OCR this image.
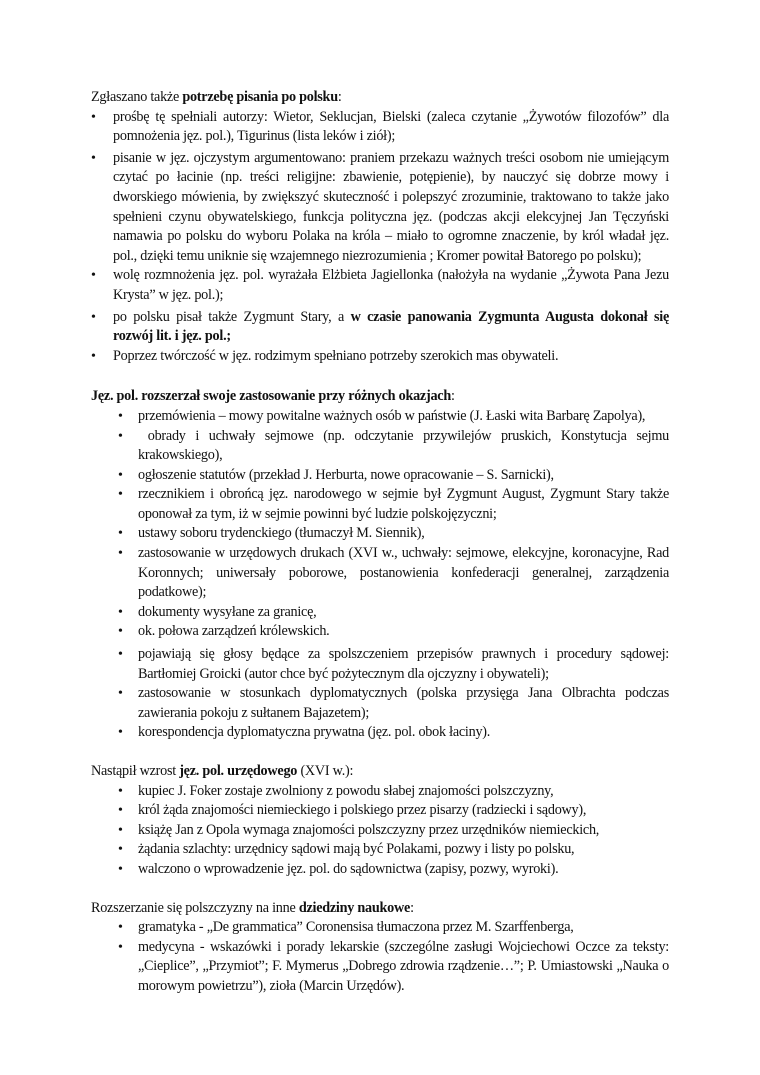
Zgłaszano także potrzebę pisania po polsku:

• prośbę tę spełniali autorzy: Wietor, Seklucjan, Bielski (zaleca czytanie „Żywotów filozofów” dla pomnożenia jęz. pol.), Tigurinus (lista leków i ziół);
• pisanie w jęz. ojczystym argumentowano: praniem przekazu ważnych treści osobom nie umiejącym czytać po łacinie (np. treści religijne: zbawienie, potępienie), by nauczyć się dobrze mowy i dworskiego mówienia, by zwiększyć skuteczność i polepszyć zrozuminie, traktowano to także jako spełnieni czynu obywatelskiego, funkcja polityczna jęz. (podczas akcji elekcyjnej Jan Tęczyński namawia po polsku do wyboru Polaka na króla – miało to ogromne znaczenie, by król władał jęz. pol., dzięki temu uniknie się wzajemnego niezrozumienia ; Kromer powitał Batorego po polsku);
• wolę rozmnożenia jęz. pol. wyrażała Elżbieta Jagiellonka (nałożyła na wydanie „Żywota Pana Jezu Krysta” w jęz. pol.);
• po polsku pisał także Zygmunt Stary, a w czasie panowania Zygmunta Augusta dokonał się rozwój lit. i jęz. pol.;
• Poprzez twórczość w jęz. rodzimym spełniano potrzeby szerokich mas obywateli.

Jęz. pol. rozszerzał swoje zastosowanie przy różnych okazjach:

• przemówienia – mowy powitalne ważnych osób w państwie (J. Łaski wita Barbarę Zapolya),
• obrady i uchwały sejmowe (np. odczytanie przywilejów pruskich, Konstytucja sejmu krakowskiego),
• ogłoszenie statutów (przekład J. Herburta, nowe opracowanie – S. Sarnicki),
• rzecznikiem i obrońcą jęz. narodowego w sejmie był Zygmunt August, Zygmunt Stary także oponował za tym, iż w sejmie powinni być ludzie polskojęzyczni;
• ustawy soboru trydenckiego (tłumaczył M. Siennik),
• zastosowanie w urzędowych drukach (XVI w., uchwały: sejmowe, elekcyjne, koronacyjne, Rad Koronnych; uniwersały poborowe, postanowienia konfederacji generalnej, zarządzenia podatkowe);
• dokumenty wysyłane za granicę,
• ok. połowa zarządzeń królewskich.
• pojawiają się głosy będące za spolszczeniem przepisów prawnych i procedury sądowej: Bartłomiej Groicki (autor chce być pożytecznym dla ojczyzny i obywateli);
• zastosowanie w stosunkach dyplomatycznych (polska przysięga Jana Olbrachta podczas zawierania pokoju z sułtanem Bajazetem);
• korespondencja dyplomatyczna prywatna (jęz. pol. obok łaciny).

Nastąpił wzrost jęz. pol. urzędowego (XVI w.):

• kupiec J. Foker zostaje zwolniony z powodu słabej znajomości polszczyzny,
• król żąda znajomości niemieckiego i polskiego przez pisarzy (radziecki i sądowy),
• książę Jan z Opola wymaga znajomości polszczyzny przez urzędników niemieckich,
• żądania szlachty: urzędnicy sądowi mają być Polakami, pozwy i listy po polsku,
• walczono o wprowadzenie jęz. pol. do sądownictwa (zapisy, pozwy, wyroki).

Rozszerzanie się polszczyzny na inne dziedziny naukowe:

• gramatyka - „De grammatica” Coronensisa tłumaczona przez M. Szarffenberga,
• medycyna - wskazówki i porady lekarskie (szczególne zasługi Wojciechowi Oczce za teksty: „Cieplice”, „Przymiot”; F. Mymerus „Dobrego zdrowia rządzenie…”; P. Umiastowski „Nauka o morowym powietrzu”), zioła (Marcin Urzędów).
